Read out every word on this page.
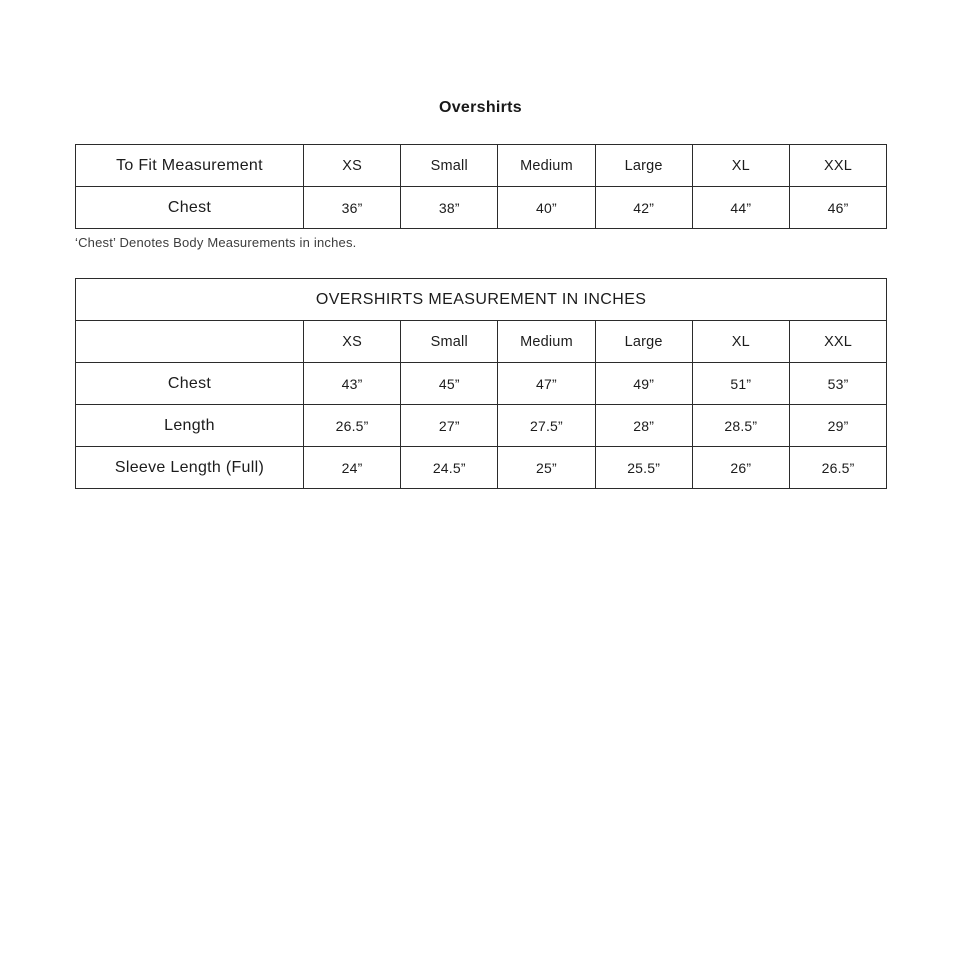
Overshirts
To Fit Measurement	XS	Small	Medium	Large	XL	XXL
Chest	36”	38”	40”	42”	44”	46”
‘Chest’ Denotes Body Measurements in inches.
OVERSHIRTS MEASUREMENT IN INCHES						
	XS	Small	Medium	Large	XL	XXL
Chest	43”	45”	47”	49”	51”	53”
Length	26.5”	27”	27.5”	28”	28.5”	29”
Sleeve Length (Full)	24”	24.5”	25”	25.5”	26”	26.5”
